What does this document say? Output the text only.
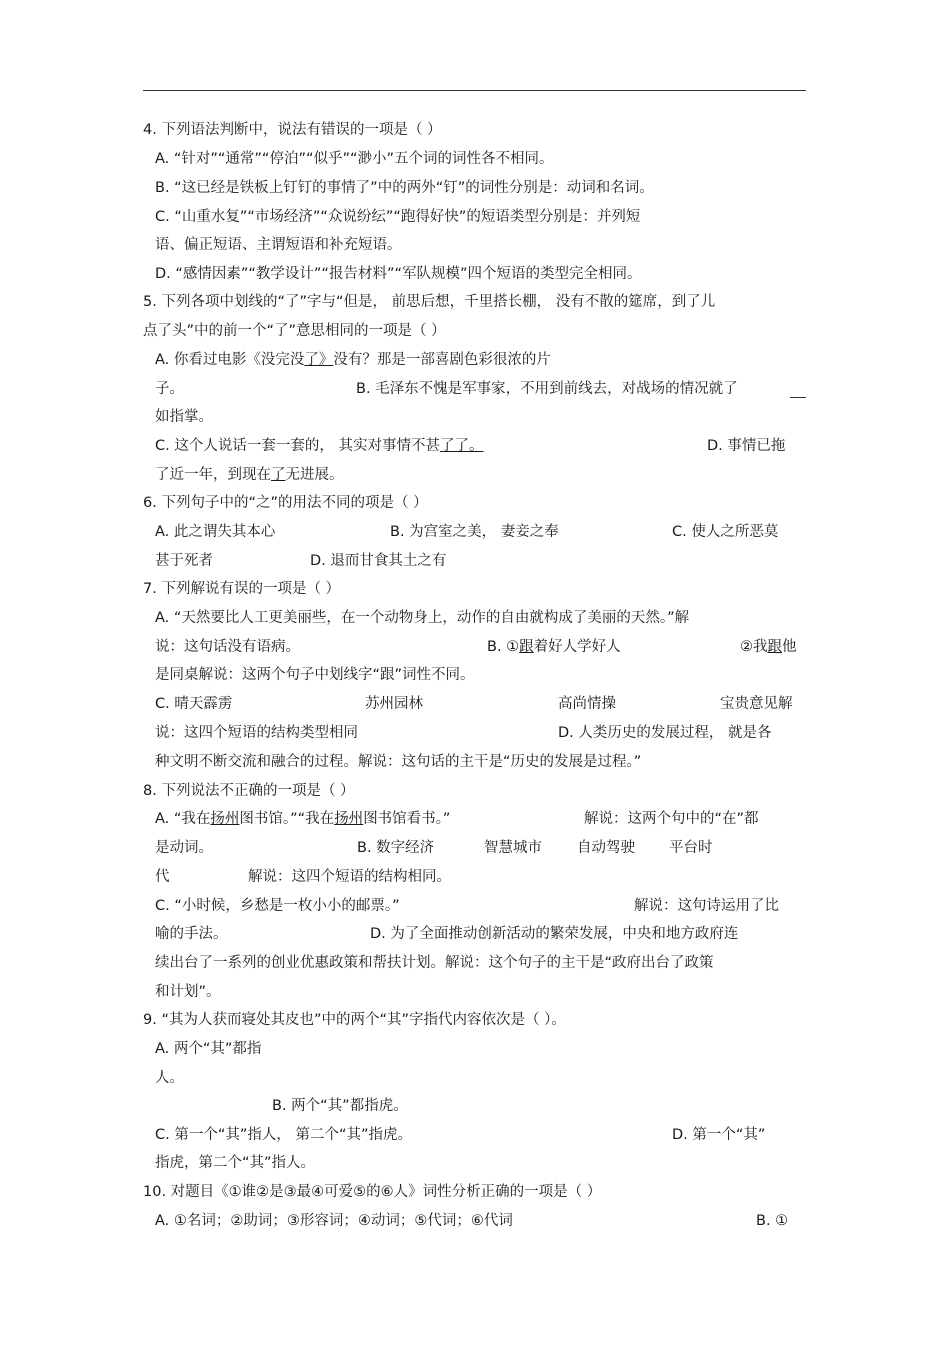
4. 下列语法判断中，说法有错误的一项是（ ）
A. “针对”“通常”“停泊”“似乎”“渺小”五个词的词性各不相同。
B. “这已经是铁板上钉钉的事情了”中的两外“钉”的词性分别是：动词和名词。
C. “山重水复”“市场经济”“众说纷纭”“跑得好快”的短语类型分别是：并列短
语、偏正短语、主谓短语和补充短语。
D. “感情因素”“教学设计”“报告材料”“军队规模”四个短语的类型完全相同。
5. 下列各项中划线的“了”字与“但是， 前思后想，千里搭长棚， 没有不散的筵席，到了儿
点了头”中的前一个“了”意思相同的一项是（ ）
A. 你看过电影《没完没了》没有？那是一部喜剧色彩很浓的片
子。	B. 毛泽东不愧是军事家，不用到前线去，对战场的情况就了
如指掌。
C. 这个人说话一套一套的， 其实对事情不甚了了。	D. 事情已拖
了近一年，到现在了无进展。
6. 下列句子中的“之”的用法不同的项是（ ）
A. 此之谓失其本心	B. 为宫室之美， 妻妾之奉	C. 使人之所恶莫
甚于死者	D. 退而甘食其土之有
7. 下列解说有误的一项是（ ）
A. “天然要比人工更美丽些，在一个动物身上，动作的自由就构成了美丽的天然。”解
说：这句话没有语病。	B. ①跟着好人学好人	②我跟他
是同桌解说：这两个句子中划线字“跟”词性不同。
C. 晴天霹雳	苏州园林	高尚情操	宝贵意见解
说：这四个短语的结构类型相同	D. 人类历史的发展过程， 就是各
种文明不断交流和融合的过程。解说：这句话的主干是“历史的发展是过程。”
8. 下列说法不正确的一项是（ ）
A. “我在扬州图书馆。”“我在扬州图书馆看书。”	解说：这两个句中的“在”都
是动词。	B. 数字经济	智慧城市 自动驾驶 平台时
代	解说：这四个短语的结构相同。
C. “小时候，乡愁是一枚小小的邮票。”	解说：这句诗运用了比
喻的手法。	D. 为了全面推动创新活动的繁荣发展，中央和地方政府连
续出台了一系列的创业优惠政策和帮扶计划。解说：这个句子的主干是“政府出台了政策
和计划”。
9. “其为人获而寝处其皮也”中的两个“其”字指代内容依次是（ ）。
A. 两个“其”都指
人。
B. 两个“其”都指虎。
C. 第一个“其”指人， 第二个“其”指虎。	D. 第一个“其”
指虎，第二个“其”指人。
10. 对题目《①谁②是③最④可爱⑤的⑥人》词性分析正确的一项是（ ）
A. ①名词；②助词；③形容词；④动词；⑤代词；⑥代词	B. ①
